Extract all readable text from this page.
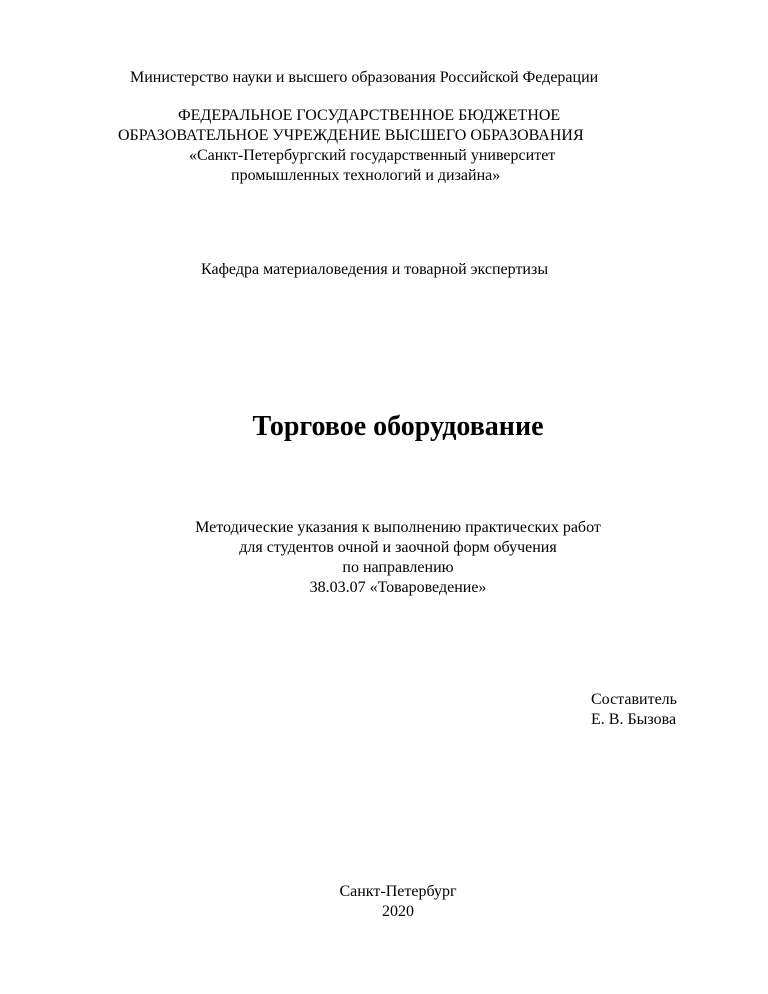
Министерство науки и высшего образования Российской Федерации
ФЕДЕРАЛЬНОЕ ГОСУДАРСТВЕННОЕ БЮДЖЕТНОЕ
ОБРАЗОВАТЕЛЬНОЕ УЧРЕЖДЕНИЕ ВЫСШЕГО ОБРАЗОВАНИЯ
«Санкт-Петербургский государственный университет
промышленных технологий и дизайна»
Кафедра материаловедения и товарной экспертизы
Торговое оборудование
Методические указания к выполнению практических работ
для студентов очной и заочной форм обучения
по направлению
38.03.07 «Товароведение»
Составитель
Е. В. Бызова
Санкт-Петербург
2020
